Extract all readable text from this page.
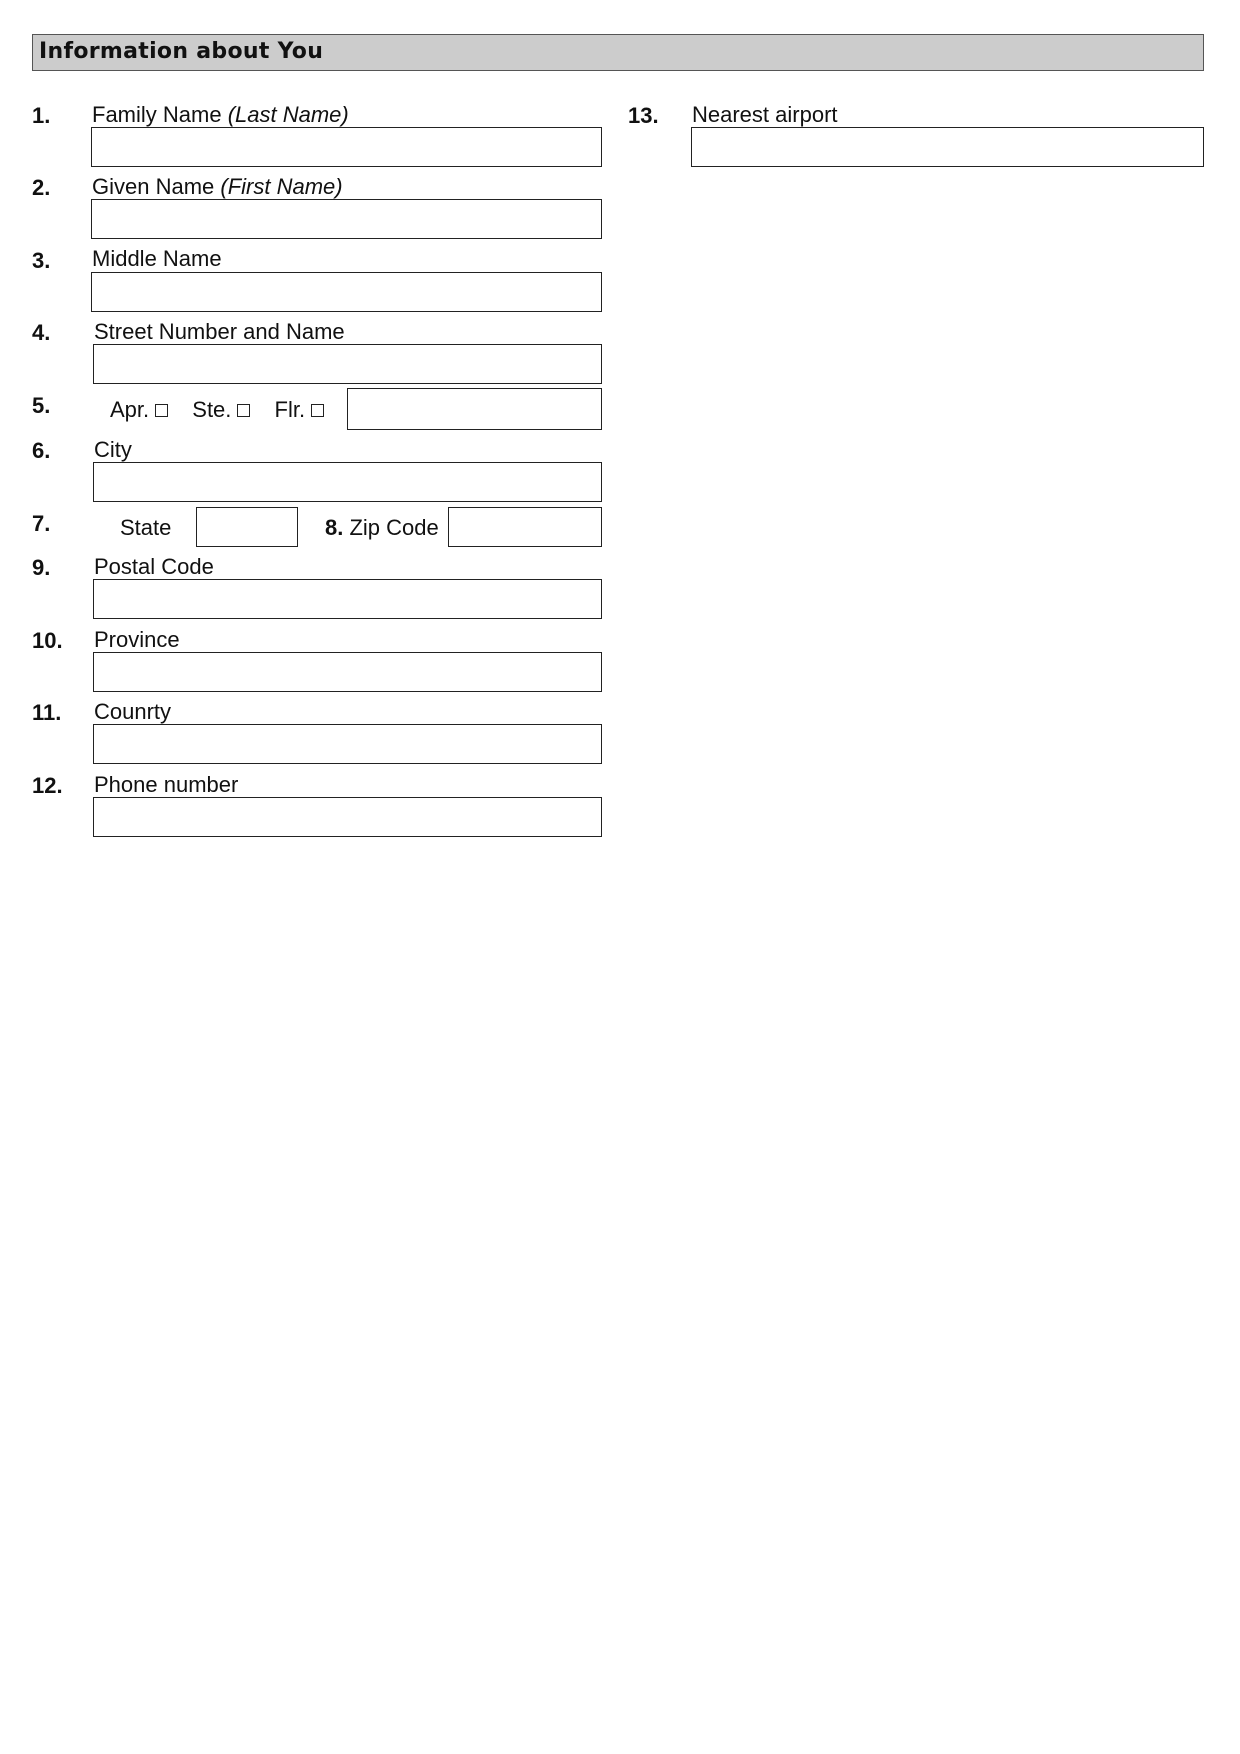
Information about You
1. Family Name (Last Name)
2. Given Name (First Name)
3. Middle Name
4. Street Number and Name
5.	Apr. Ste. Flr.
6. City
7.	State	8. Zip Code
9. Postal Code
10. Province
11. Counrty
12. Phone number
13. Nearest airport
